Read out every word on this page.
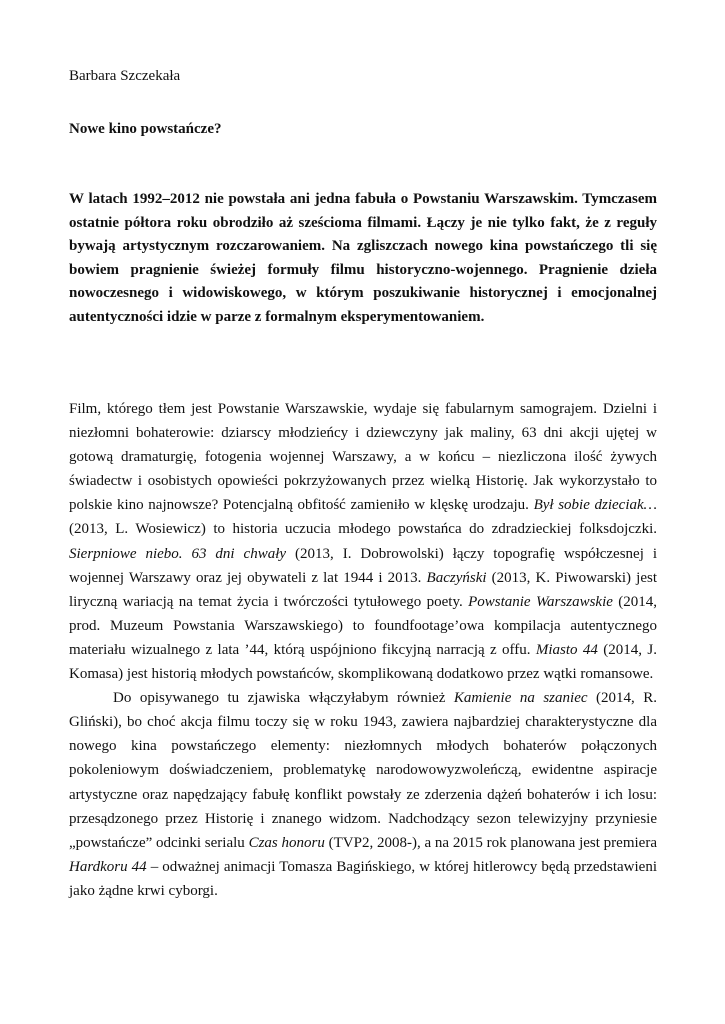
Barbara Szczekała

Nowe kino powstańcze?

W latach 1992–2012 nie powstała ani jedna fabuła o Powstaniu Warszawskim. Tymczasem ostatnie półtora roku obrodziło aż sześcioma filmami. Łączy je nie tylko fakt, że z reguły bywają artystycznym rozczarowaniem. Na zgliszczach nowego kina powstańczego tli się bowiem pragnienie świeżej formuły filmu historyczno-wojennego. Pragnienie dzieła nowoczesnego i widowiskowego, w którym poszukiwanie historycznej i emocjonalnej autentyczności idzie w parze z formalnym eksperymentowaniem.

Film, którego tłem jest Powstanie Warszawskie, wydaje się fabularnym samograjem. Dzielni i niezłomni bohaterowie: dziarscy młodzieńcy i dziewczyny jak maliny, 63 dni akcji ujętej w gotową dramaturgię, fotogenia wojennej Warszawy, a w końcu – niezliczona ilość żywych świadectw i osobistych opowieści pokrzyżowanych przez wielką Historię. Jak wykorzystało to polskie kino najnowsze? Potencjalną obfitość zamieniło w klęskę urodzaju. Był sobie dzieciak… (2013, L. Wosiewicz) to historia uczucia młodego powstańca do zdradzieckiej folksdojczki. Sierpniowe niebo. 63 dni chwały (2013, I. Dobrowolski) łączy topografię współczesnej i wojennej Warszawy oraz jej obywateli z lat 1944 i 2013. Baczyński (2013, K. Piwowarski) jest liryczną wariacją na temat życia i twórczości tytułowego poety. Powstanie Warszawskie (2014, prod. Muzeum Powstania Warszawskiego) to foundfootage’owa kompilacja autentycznego materiału wizualnego z lata ’44, którą uspójniono fikcyjną narracją z offu. Miasto 44 (2014, J. Komasa) jest historią młodych powstańców, skomplikowaną dodatkowo przez wątki romansowe.

Do opisywanego tu zjawiska włączyłabym również Kamienie na szaniec (2014, R. Gliński), bo choć akcja filmu toczy się w roku 1943, zawiera najbardziej charakterystyczne dla nowego kina powstańczego elementy: niezłomnych młodych bohaterów połączonych pokoleniowym doświadczeniem, problematykę narodowowyzwoleńczą, ewidentne aspiracje artystyczne oraz napędzający fabułę konflikt powstały ze zderzenia dążeń bohaterów i ich losu: przesądzonego przez Historię i znanego widzom. Nadchodzący sezon telewizyjny przyniesie „powstańcze” odcinki serialu Czas honoru (TVP2, 2008-), a na 2015 rok planowana jest premiera Hardkoru 44 – odważnej animacji Tomasza Bagińskiego, w której hitlerowcy będą przedstawieni jako żądne krwi cyborgi.
